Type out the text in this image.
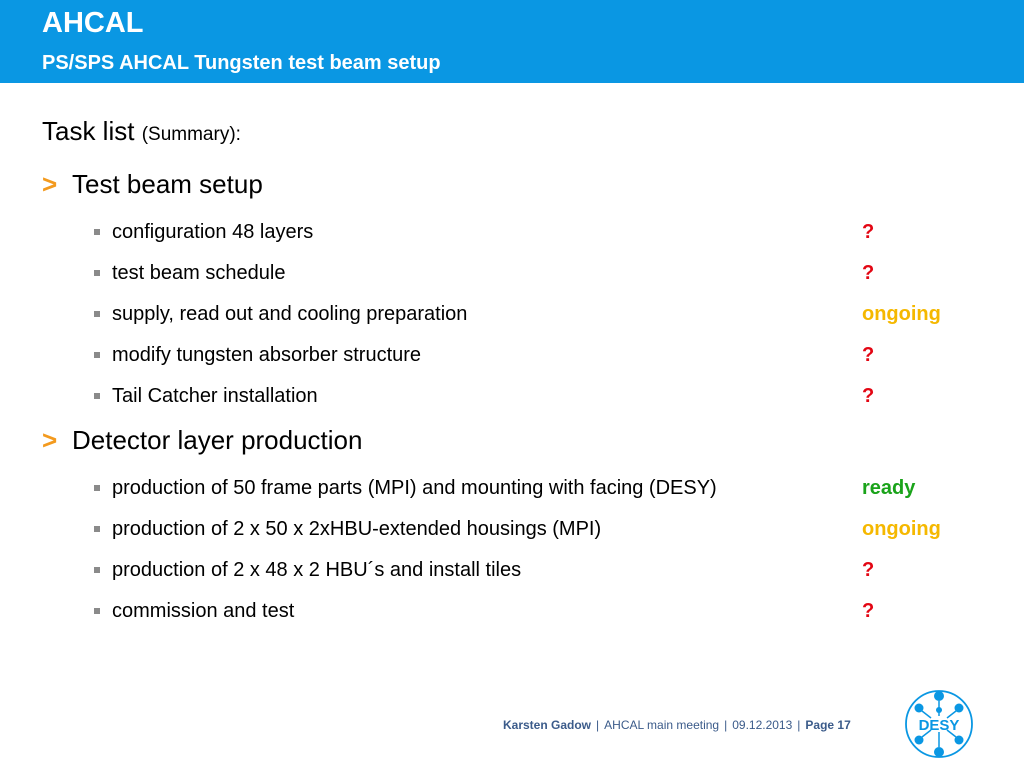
AHCAL
PS/SPS AHCAL Tungsten test beam setup
Task list (Summary):
> Test beam setup
configuration 48 layers	?
test beam schedule	?
supply, read out and cooling preparation	ongoing
modify tungsten absorber structure	?
Tail Catcher installation	?
> Detector layer production
production of 50 frame parts (MPI) and mounting with facing (DESY)	ready
production of 2 x 50 x 2xHBU-extended housings (MPI)	ongoing
production of 2 x 48 x 2 HBU´s and install tiles	?
commission and test	?
Karsten Gadow | AHCAL main meeting | 09.12.2013 | Page 17	DESY
